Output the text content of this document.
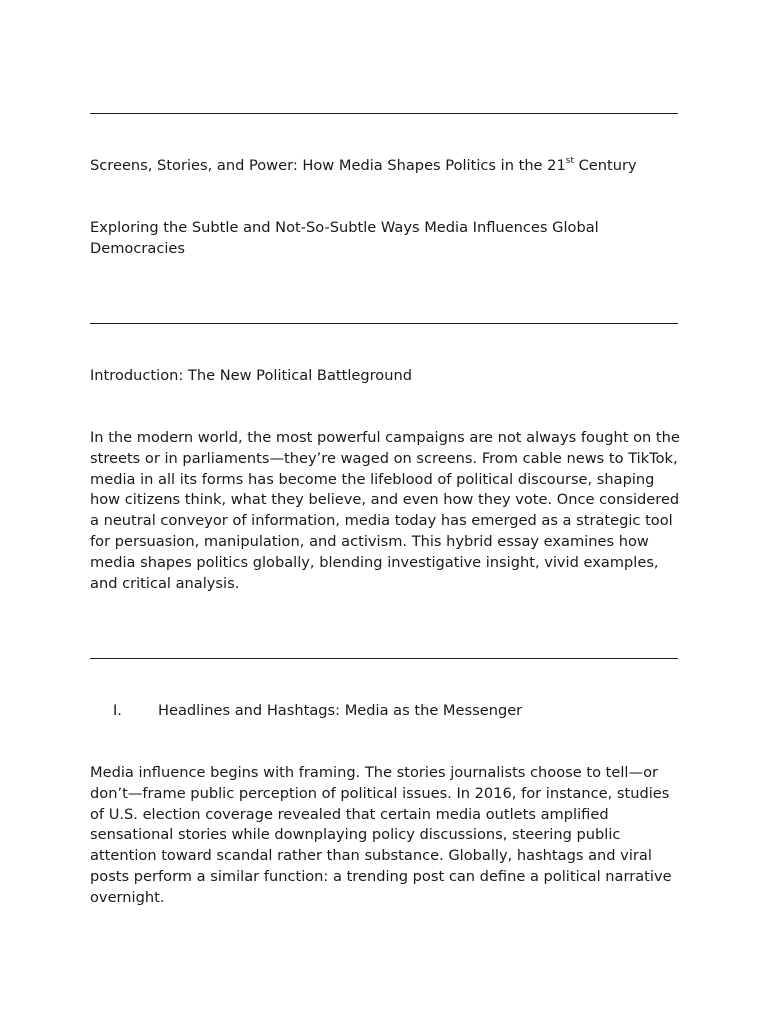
Screens, Stories, and Power: How Media Shapes Politics in the 21st Century

Exploring the Subtle and Not-So-Subtle Ways Media Influences Global Democracies

Introduction: The New Political Battleground

In the modern world, the most powerful campaigns are not always fought on the streets or in parliaments—they’re waged on screens. From cable news to TikTok, media in all its forms has become the lifeblood of political discourse, shaping how citizens think, what they believe, and even how they vote. Once considered a neutral conveyor of information, media today has emerged as a strategic tool for persuasion, manipulation, and activism. This hybrid essay examines how media shapes politics globally, blending investigative insight, vivid examples, and critical analysis.

I. Headlines and Hashtags: Media as the Messenger

Media influence begins with framing. The stories journalists choose to tell—or don’t—frame public perception of political issues. In 2016, for instance, studies of U.S. election coverage revealed that certain media outlets amplified sensational stories while downplaying policy discussions, steering public attention toward scandal rather than substance. Globally, hashtags and viral posts perform a similar function: a trending post can define a political narrative overnight.
